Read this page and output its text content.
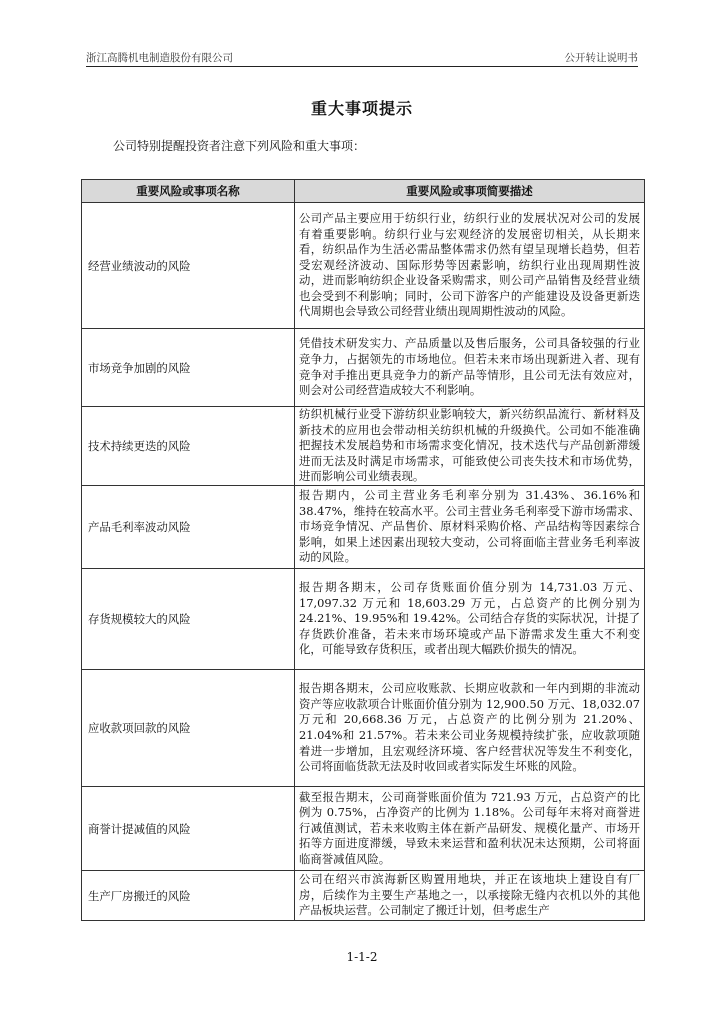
浙江高腾机电制造股份有限公司	公开转让说明书
重大事项提示
公司特别提醒投资者注意下列风险和重大事项：
重要风险或事项名称	重要风险或事项简要描述
经营业绩波动的风险	公司产品主要应用于纺织行业，纺织行业的发展状况对公司的发展有着重要影响。纺织行业与宏观经济的发展密切相关，从长期来看，纺织品作为生活必需品整体需求仍然有望呈现增长趋势，但若受宏观经济波动、国际形势等因素影响，纺织行业出现周期性波动，进而影响纺织企业设备采购需求，则公司产品销售及经营业绩也会受到不利影响；同时，公司下游客户的产能建设及设备更新迭代周期也会导致公司经营业绩出现周期性波动的风险。
市场竞争加剧的风险	凭借技术研发实力、产品质量以及售后服务，公司具备较强的行业竞争力，占据领先的市场地位。但若未来市场出现新进入者、现有竞争对手推出更具竞争力的新产品等情形，且公司无法有效应对，则会对公司经营造成较大不利影响。
技术持续更迭的风险	纺织机械行业受下游纺织业影响较大，新兴纺织品流行、新材料及新技术的应用也会带动相关纺织机械的升级换代。公司如不能准确把握技术发展趋势和市场需求变化情况，技术迭代与产品创新滞缓进而无法及时满足市场需求，可能致使公司丧失技术和市场优势，进而影响公司业绩表现。
产品毛利率波动风险	报告期内，公司主营业务毛利率分别为 31.43%、36.16%和 38.47%，维持在较高水平。公司主营业务毛利率受下游市场需求、市场竞争情况、产品售价、原材料采购价格、产品结构等因素综合影响，如果上述因素出现较大变动，公司将面临主营业务毛利率波动的风险。
存货规模较大的风险	报告期各期末，公司存货账面价值分别为 14,731.03 万元、17,097.32 万元和 18,603.29 万元，占总资产的比例分别为 24.21%、19.95%和 19.42%。公司结合存货的实际状况，计提了存货跌价准备，若未来市场环境或产品下游需求发生重大不利变化，可能导致存货积压，或者出现大幅跌价损失的情况。
应收款项回款的风险	报告期各期末，公司应收账款、长期应收款和一年内到期的非流动资产等应收款项合计账面价值分别为 12,900.50 万元、18,032.07 万元和 20,668.36 万元，占总资产的比例分别为 21.20%、21.04%和 21.57%。若未来公司业务规模持续扩张，应收款项随着进一步增加，且宏观经济环境、客户经营状况等发生不利变化，公司将面临货款无法及时收回或者实际发生坏账的风险。
商誉计提减值的风险	截至报告期末，公司商誉账面价值为 721.93 万元，占总资产的比例为 0.75%，占净资产的比例为 1.18%。公司每年末将对商誉进行减值测试，若未来收购主体在新产品研发、规模化量产、市场开拓等方面进度滞缓，导致未来运营和盈利状况未达预期，公司将面临商誉减值风险。
生产厂房搬迁的风险	公司在绍兴市滨海新区购置用地块，并正在该地块上建设自有厂房，后续作为主要生产基地之一，以承接除无缝内衣机以外的其他产品板块运营。公司制定了搬迁计划，但考虑生产
1-1-2
